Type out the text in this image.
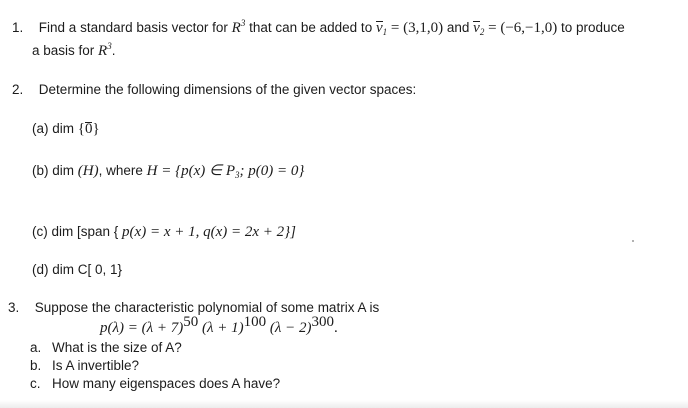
1. Find a standard basis vector for $R^3$ that can be added to $v_1 = (3,1,0)$ and $v_2 = (-6,-1,0)$ to produce
a basis for $R^3$.
2. Determine the following dimensions of the given vector spaces:
(a) dim {0}
(b) dim (H), where H = {p(x) ∈ $P_3$; p(0) = 0}
(c) dim [span { p(x) = x + 1, q(x) = 2x + 2}]
(d) dim C[ 0, 1}
3. Suppose the characteristic polynomial of some matrix A is
$p(\lambda) = (\lambda + 7)^{50}$ $(\lambda + 1)^{100}$ $(\lambda - 2)^{300}$.
a. What is the size of A?
b. Is A invertible?
c. How many eigenspaces does A have?
